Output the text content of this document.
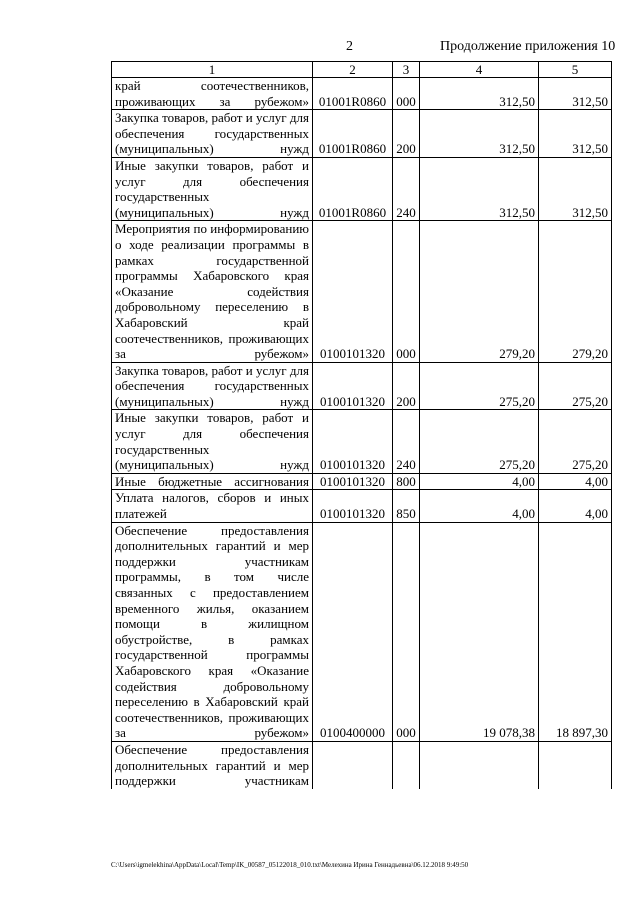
2	Продолжение приложения 10
1	2	3	4	5
край соотечественников, проживающих за рубежом»	01001R0860	000	312,50	312,50
Закупка товаров, работ и услуг для обеспечения государственных (муниципальных) нужд	01001R0860	200	312,50	312,50
Иные закупки товаров, работ и услуг для обеспечения государственных (муниципальных) нужд	01001R0860	240	312,50	312,50
Мероприятия по информированию о ходе реализации программы в рамках государственной программы Хабаровского края «Оказание содействия добровольному переселению в Хабаровский край соотечественников, проживающих за рубежом»	0100101320	000	279,20	279,20
Закупка товаров, работ и услуг для обеспечения государственных (муниципальных) нужд	0100101320	200	275,20	275,20
Иные закупки товаров, работ и услуг для обеспечения государственных (муниципальных) нужд	0100101320	240	275,20	275,20
Иные бюджетные ассигнования	0100101320	800	4,00	4,00
Уплата налогов, сборов и иных платежей	0100101320	850	4,00	4,00
Обеспечение предоставления дополнительных гарантий и мер поддержки участникам программы, в том числе связанных с предоставлением временного жилья, оказанием помощи в жилищном обустройстве, в рамках государственной программы Хабаровского края «Оказание содействия добровольному переселению в Хабаровский край соотечественников, проживающих за рубежом»	0100400000	000	19 078,38	18 897,30
Обеспечение предоставления дополнительных гарантий и мер поддержки участникам				
C:\Users\igmelekhina\AppData\Local\Temp\IK_00587_05122018_010.txt\Мелехина Ирина Геннадьевна\06.12.2018 9:49:50
